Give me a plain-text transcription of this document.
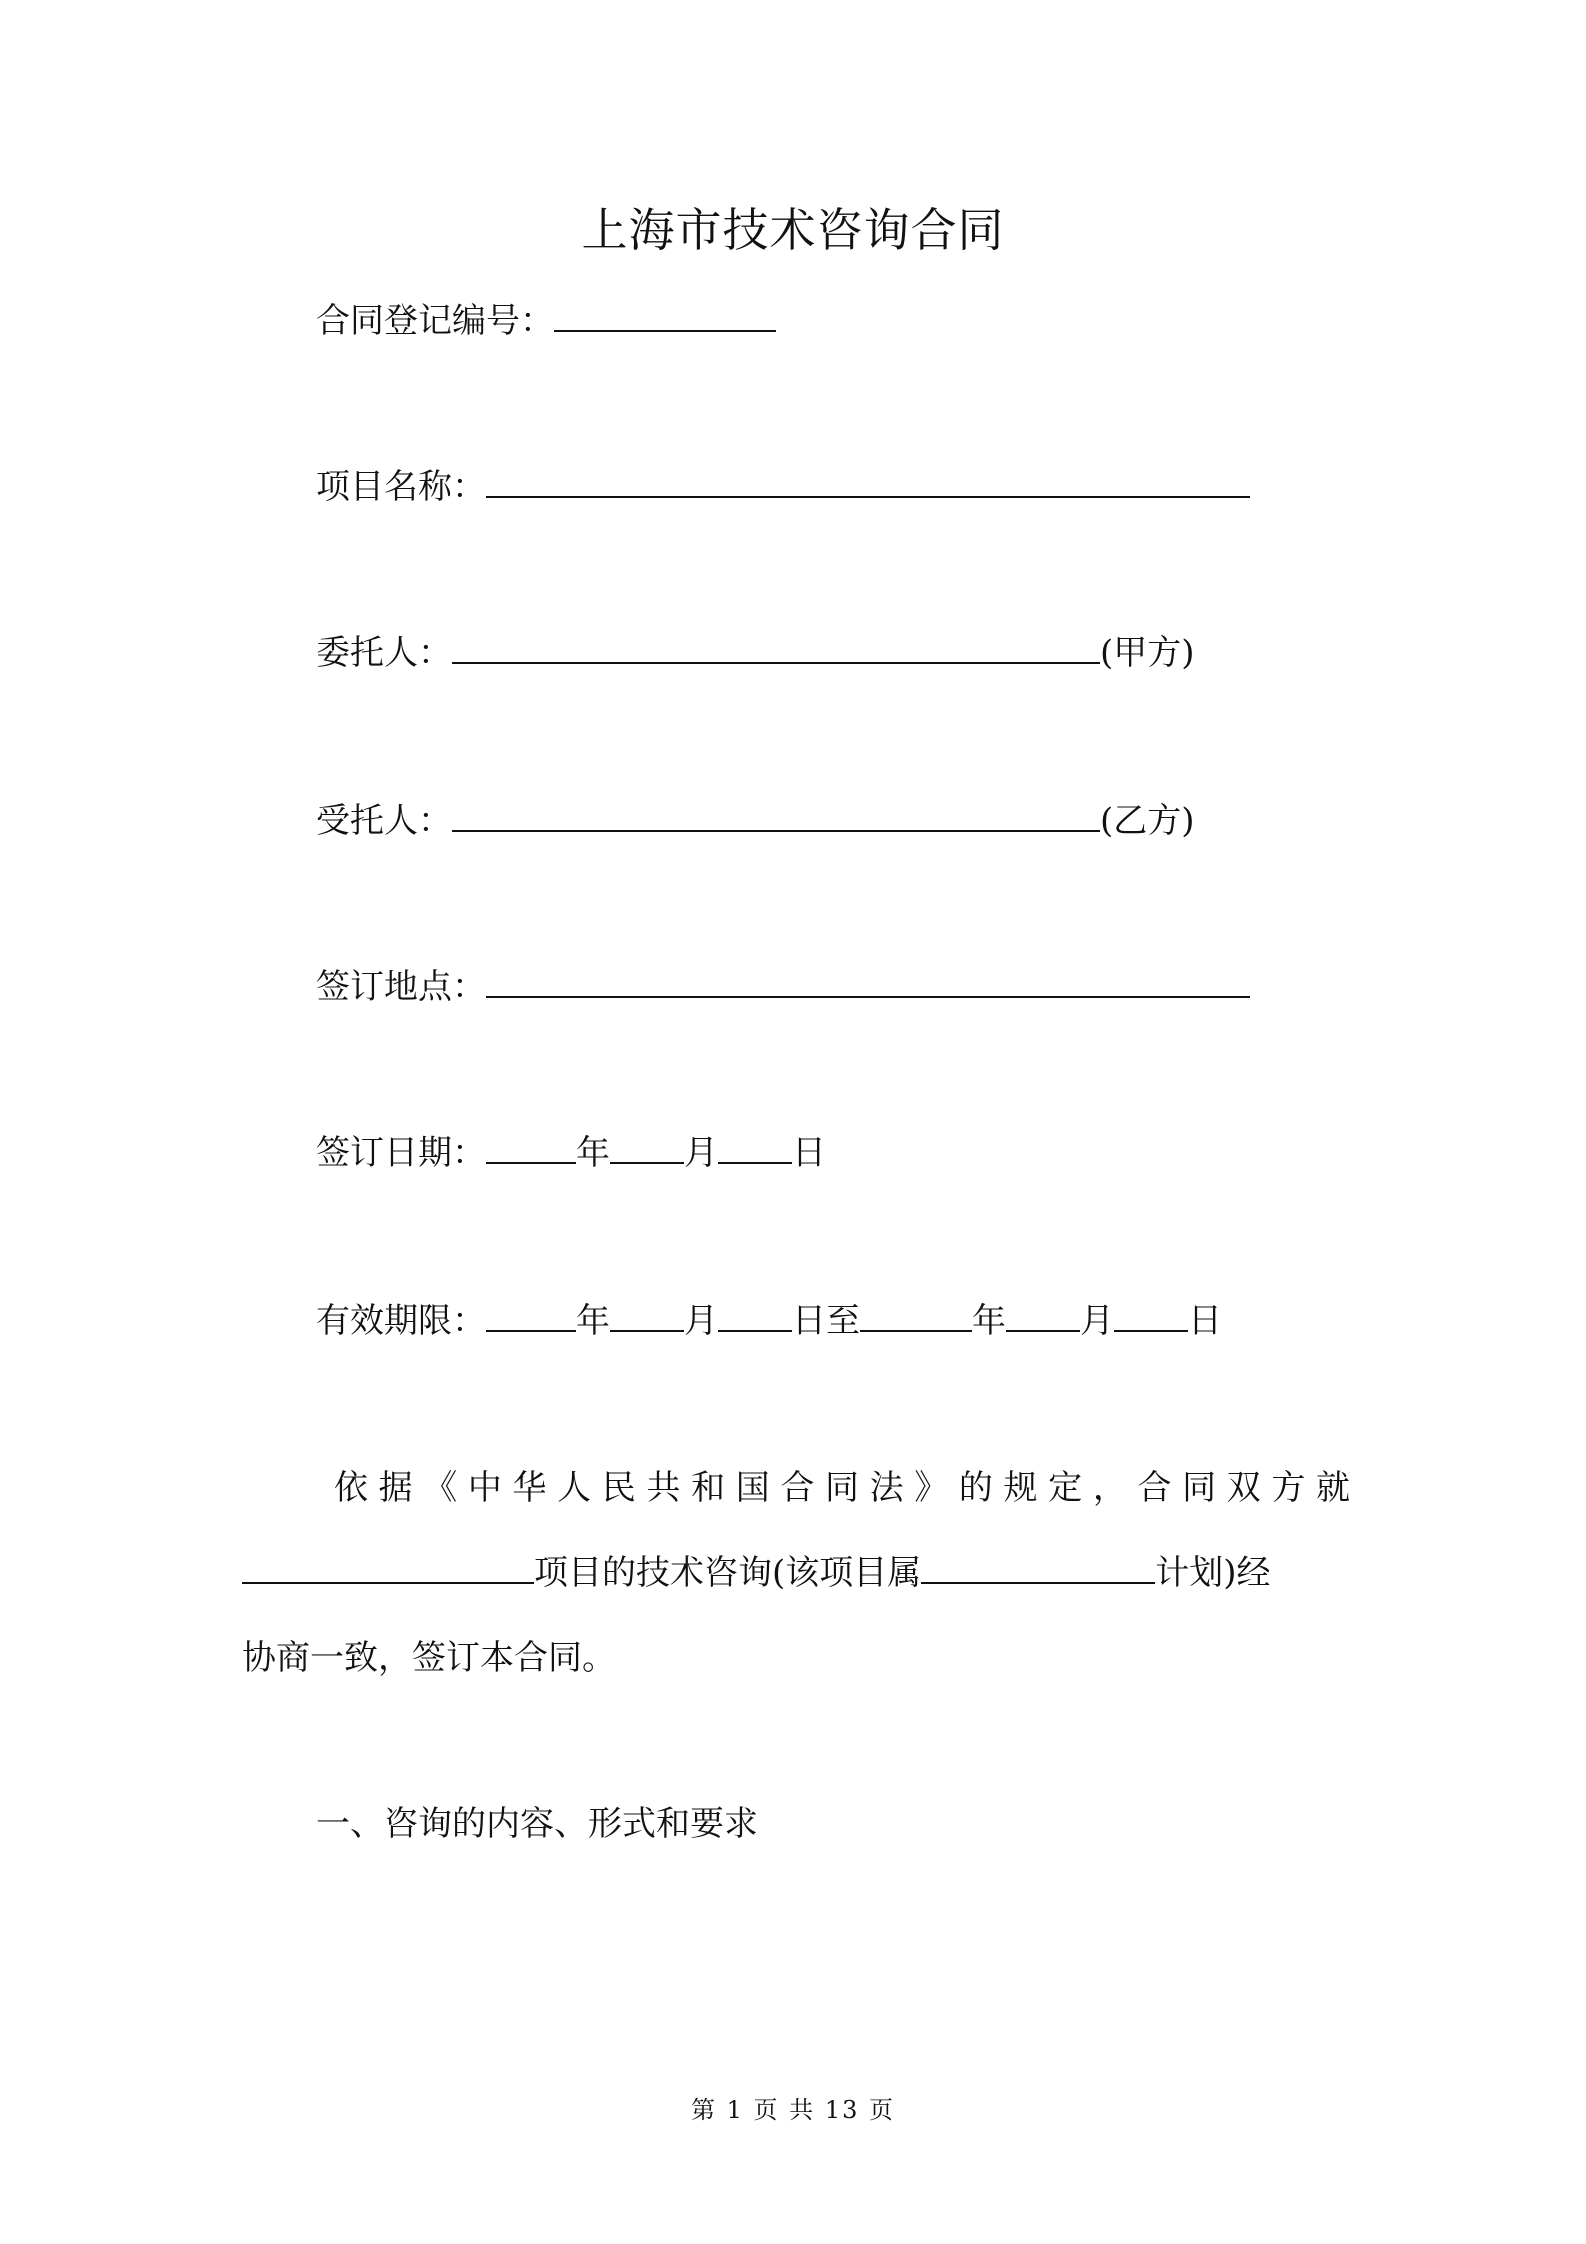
上海市技术咨询合同
合同登记编号：
项目名称：
委托人：	(甲方)
受托人：	(乙方)
签订地点：
签订日期：	年 月 日
有效期限：	年 月 日至	年 月 日
依据《中华人民共和国合同法》的规定，合同双方就
项目的技术咨询(该项目属	计划)经
协商一致，签订本合同。
一、咨询的内容、形式和要求
第 1 页 共 13 页
